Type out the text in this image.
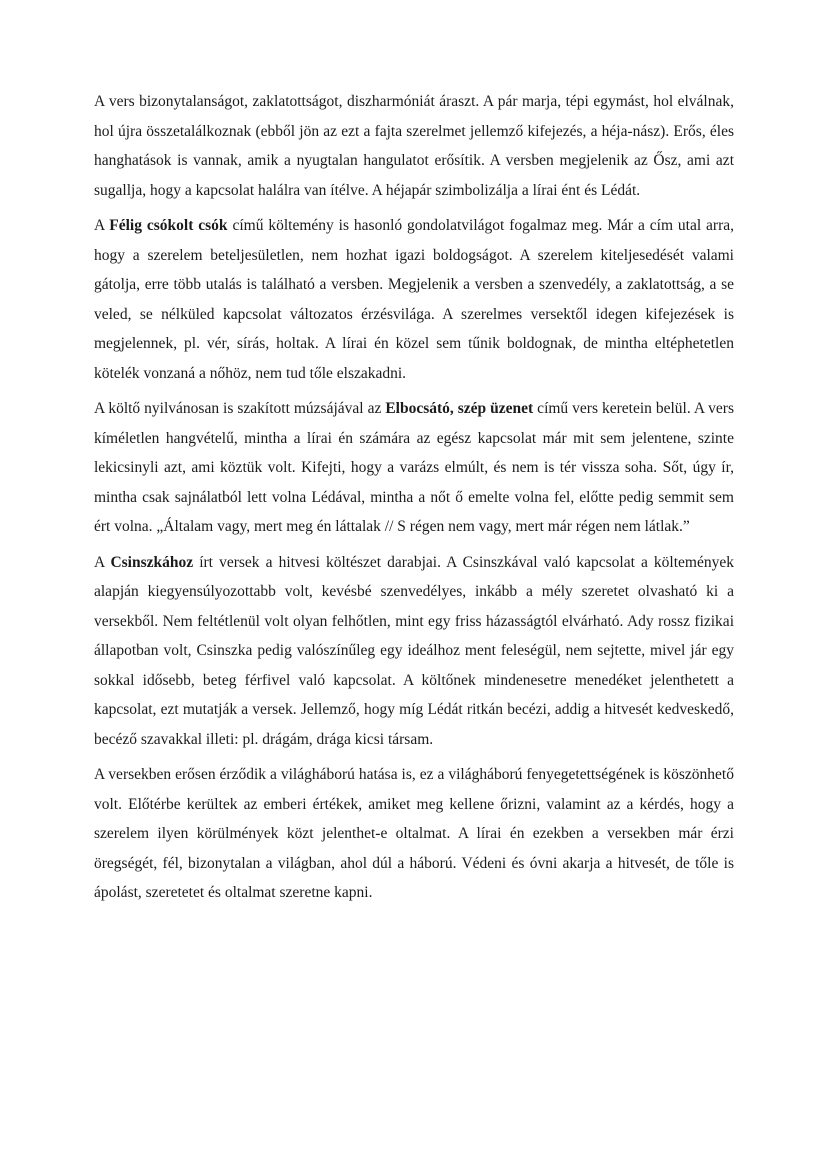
A vers bizonytalanságot, zaklatottságot, diszharmóniát áraszt. A pár marja, tépi egymást, hol elválnak, hol újra összetalálkoznak (ebből jön az ezt a fajta szerelmet jellemző kifejezés, a héja-nász). Erős, éles hanghatások is vannak, amik a nyugtalan hangulatot erősítik. A versben megjelenik az Ősz, ami azt sugallja, hogy a kapcsolat halálra van ítélve. A héjapár szimbolizálja a lírai ént és Lédát.

A Félig csókolt csók című költemény is hasonló gondolatvilágot fogalmaz meg. Már a cím utal arra, hogy a szerelem beteljesületlen, nem hozhat igazi boldogságot. A szerelem kiteljesedését valami gátolja, erre több utalás is található a versben. Megjelenik a versben a szenvedély, a zaklatottság, a se veled, se nélküled kapcsolat változatos érzésvilága. A szerelmes versektől idegen kifejezések is megjelennek, pl. vér, sírás, holtak. A lírai én közel sem tűnik boldognak, de mintha eltéphetetlen kötelék vonzaná a nőhöz, nem tud tőle elszakadni.

A költő nyilvánosan is szakított múzsájával az Elbocsátó, szép üzenet című vers keretein belül. A vers kíméletlen hangvételű, mintha a lírai én számára az egész kapcsolat már mit sem jelentene, szinte lekicsinyli azt, ami köztük volt. Kifejti, hogy a varázs elmúlt, és nem is tér vissza soha. Sőt, úgy ír, mintha csak sajnálatból lett volna Lédával, mintha a nőt ő emelte volna fel, előtte pedig semmit sem ért volna. „Általam vagy, mert meg én láttalak // S régen nem vagy, mert már régen nem látlak.”

A Csinszkához írt versek a hitvesi költészet darabjai. A Csinszkával való kapcsolat a költemények alapján kiegyensúlyozottabb volt, kevésbé szenvedélyes, inkább a mély szeretet olvasható ki a versekből. Nem feltétlenül volt olyan felhőtlen, mint egy friss házasságtól elvárható. Ady rossz fizikai állapotban volt, Csinszka pedig valószínűleg egy ideálhoz ment feleségül, nem sejtette, mivel jár egy sokkal idősebb, beteg férfivel való kapcsolat. A költőnek mindenesetre menedéket jelenthetett a kapcsolat, ezt mutatják a versek. Jellemző, hogy míg Lédát ritkán becézi, addig a hitvesét kedveskedő, becéző szavakkal illeti: pl. drágám, drága kicsi társam.

A versekben erősen érződik a világháború hatása is, ez a világháború fenyegetettségének is köszönhető volt. Előtérbe kerültek az emberi értékek, amiket meg kellene őrizni, valamint az a kérdés, hogy a szerelem ilyen körülmények közt jelenthet-e oltalmat. A lírai én ezekben a versekben már érzi öregségét, fél, bizonytalan a világban, ahol dúl a háború. Védeni és óvni akarja a hitvesét, de tőle is ápolást, szeretetet és oltalmat szeretne kapni.
